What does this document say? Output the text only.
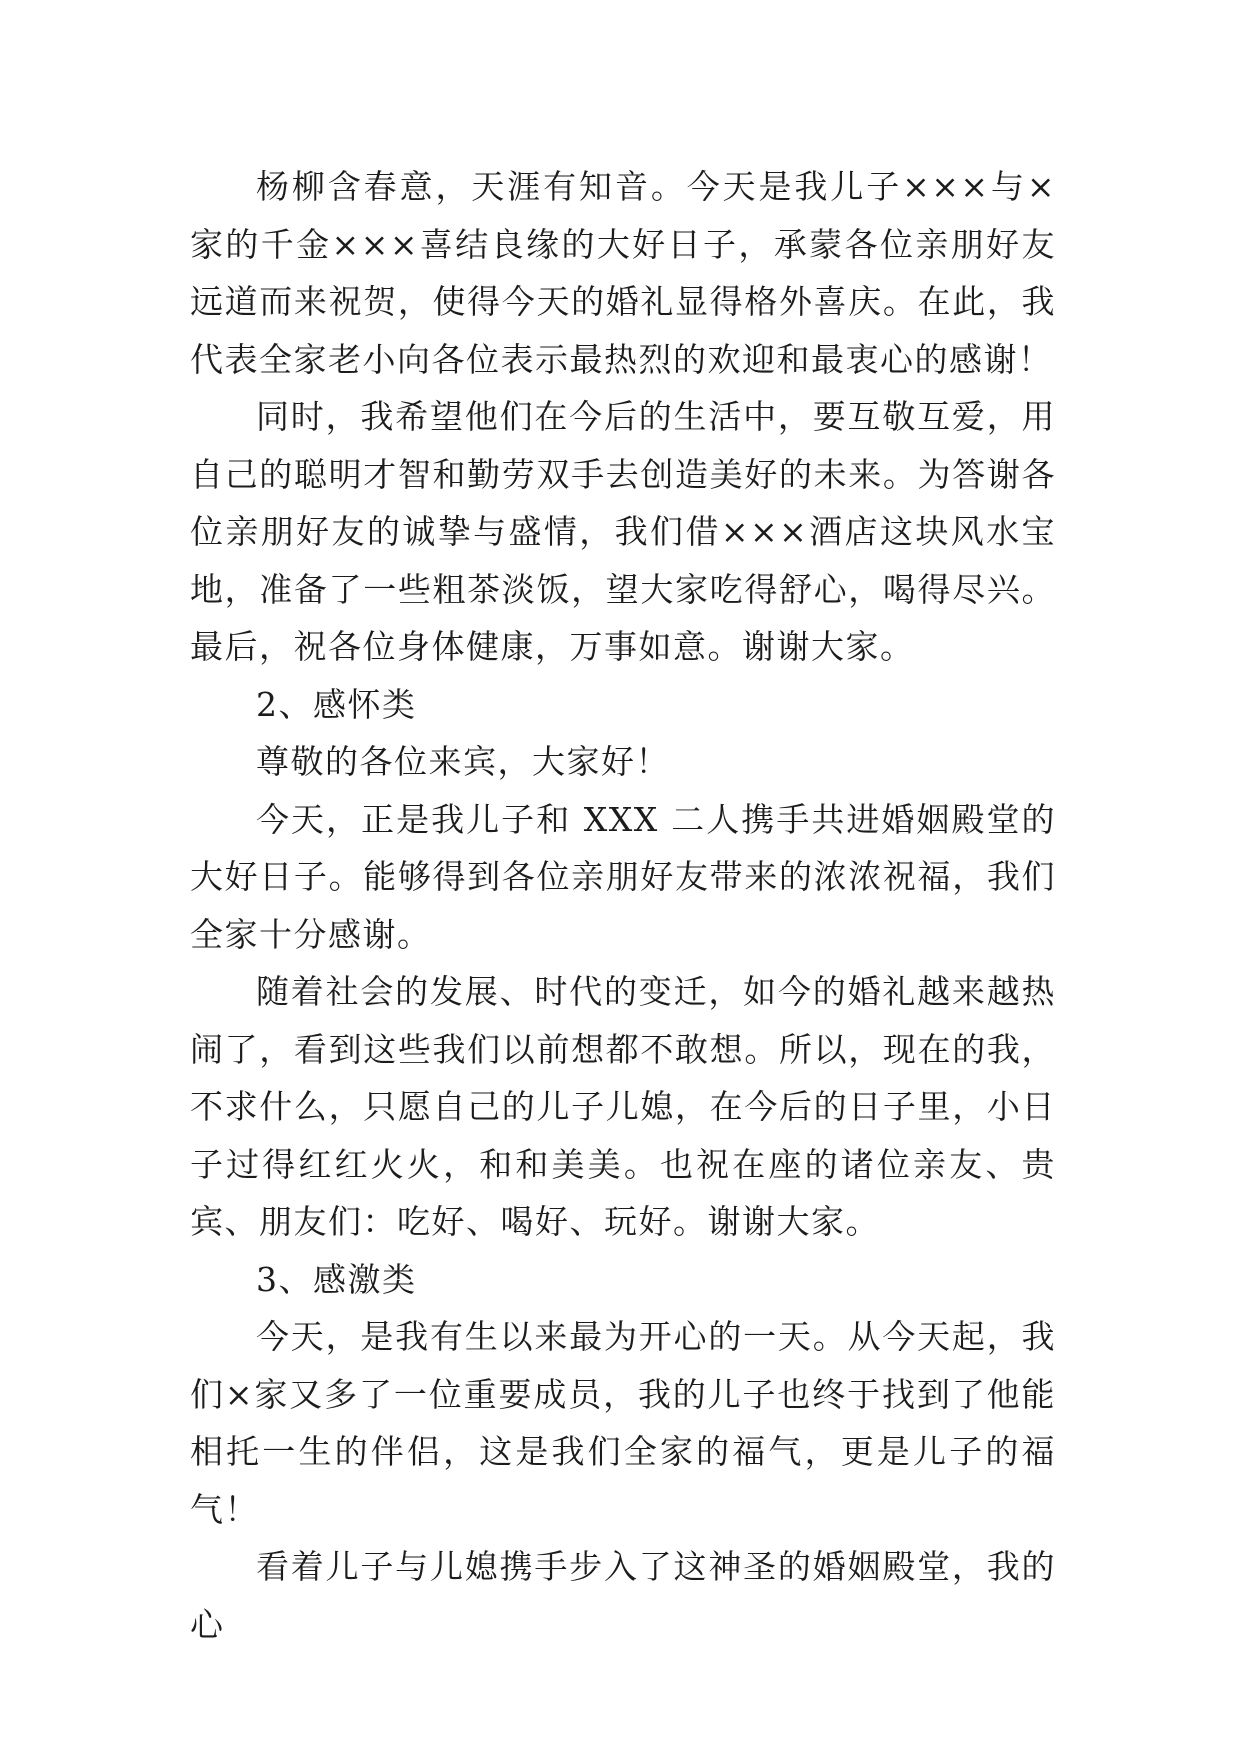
杨柳含春意，天涯有知音。今天是我儿子×××与×家的千金×××喜结良缘的大好日子，承蒙各位亲朋好友远道而来祝贺，使得今天的婚礼显得格外喜庆。在此，我代表全家老小向各位表示最热烈的欢迎和最衷心的感谢！

同时，我希望他们在今后的生活中，要互敬互爱，用自己的聪明才智和勤劳双手去创造美好的未来。为答谢各位亲朋好友的诚挚与盛情，我们借×××酒店这块风水宝地，准备了一些粗茶淡饭，望大家吃得舒心，喝得尽兴。最后，祝各位身体健康，万事如意。谢谢大家。

2、感怀类

尊敬的各位来宾，大家好！

今天，正是我儿子和 XXX 二人携手共进婚姻殿堂的大好日子。能够得到各位亲朋好友带来的浓浓祝福，我们全家十分感谢。

随着社会的发展、时代的变迁，如今的婚礼越来越热闹了，看到这些我们以前想都不敢想。所以，现在的我，不求什么，只愿自己的儿子儿媳，在今后的日子里，小日子过得红红火火，和和美美。也祝在座的诸位亲友、贵宾、朋友们：吃好、喝好、玩好。谢谢大家。

3、感激类

今天，是我有生以来最为开心的一天。从今天起，我们×家又多了一位重要成员，我的儿子也终于找到了他能相托一生的伴侣，这是我们全家的福气，更是儿子的福气！

看着儿子与儿媳携手步入了这神圣的婚姻殿堂，我的心
